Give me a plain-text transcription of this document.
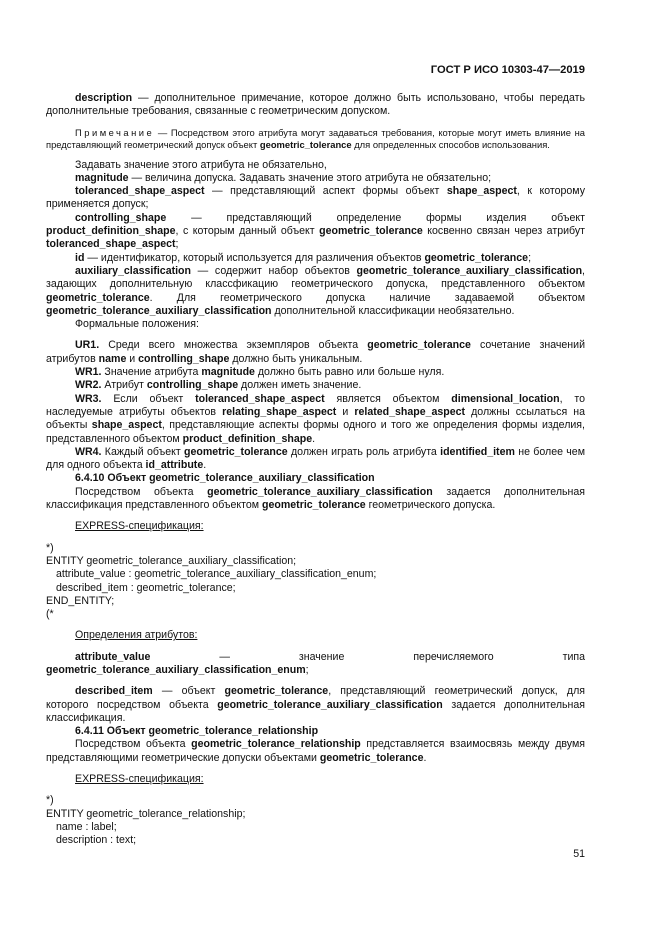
ГОСТ Р ИСО 10303-47—2019

description — дополнительное примечание, которое должно быть использовано, чтобы передать дополнительные требования, связанные с геометрическим допуском.

Примечание — Посредством этого атрибута могут задаваться требования, которые могут иметь влияние на представляющий геометрический допуск объект geometric_tolerance для определенных способов использования.

Задавать значение этого атрибута не обязательно,

magnitude — величина допуска. Задавать значение этого атрибута не обязательно;

toleranced_shape_aspect — представляющий аспект формы объект shape_aspect, к которому применяется допуск;

controlling_shape — представляющий определение формы изделия объект product_definition_shape, с которым данный объект geometric_tolerance косвенно связан через атрибут toleranced_shape_aspect;

id — идентификатор, который используется для различения объектов geometric_tolerance;

auxiliary_classification — содержит набор объектов geometric_tolerance_auxiliary_classification, задающих дополнительную классфикацию геометрического допуска, представленного объектом geometric_tolerance. Для геометрического допуска наличие задаваемой объектом geometric_tolerance_auxiliary_classification дополнительной классификации необязательно.

Формальные положения:

UR1. Среди всего множества экземпляров объекта geometric_tolerance сочетание значений атрибутов name и controlling_shape должно быть уникальным.

WR1. Значение атрибута magnitude должно быть равно или больше нуля.

WR2. Атрибут controlling_shape должен иметь значение.

WR3. Если объект toleranced_shape_aspect является объектом dimensional_location, то наследуемые атрибуты объектов relating_shape_aspect и related_shape_aspect должны ссылаться на объекты shape_aspect, представляющие аспекты формы одного и того же определения формы изделия, представленного объектом product_definition_shape.

WR4. Каждый объект geometric_tolerance должен играть роль атрибута identified_item не более чем для одного объекта id_attribute.

6.4.10 Объект geometric_tolerance_auxiliary_classification

Посредством объекта geometric_tolerance_auxiliary_classification задается дополнительная классификация представленного объектом geometric_tolerance геометрического допуска.

EXPRESS-спецификация:

*)
ENTITY geometric_tolerance_auxiliary_classification;
attribute_value : geometric_tolerance_auxiliary_classification_enum;
described_item : geometric_tolerance;
END_ENTITY;
(*

Определения атрибутов:

attribute_value — значение перечисляемого типа geometric_tolerance_auxiliary_classification_enum;

described_item — объект geometric_tolerance, представляющий геометрический допуск, для которого посредством объекта geometric_tolerance_auxiliary_classification задается дополнительная классификация.

6.4.11 Объект geometric_tolerance_relationship

Посредством объекта geometric_tolerance_relationship представляется взаимосвязь между двумя представляющими геометрические допуски объектами geometric_tolerance.

EXPRESS-спецификация:

*)
ENTITY geometric_tolerance_relationship;
name : label;
description : text;
51
